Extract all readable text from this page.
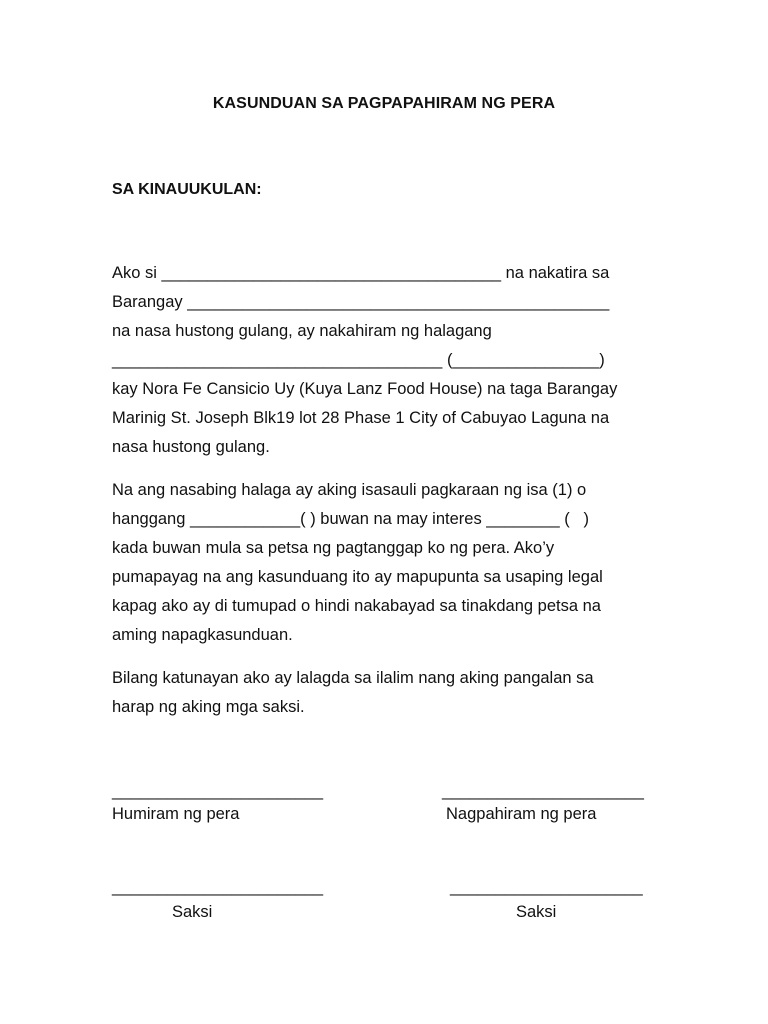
KASUNDUAN SA PAGPAPAHIRAM NG PERA
SA KINAUUKULAN:
Ako si _____________________________________ na nakatira sa
Barangay ______________________________________________
na nasa hustong gulang, ay nakahiram ng halagang
____________________________________ (________________)
kay Nora Fe Cansicio Uy (Kuya Lanz Food House) na taga Barangay
Marinig St. Joseph Blk19 lot 28 Phase 1 City of Cabuyao Laguna na
nasa hustong gulang.
Na ang nasabing halaga ay aking isasauli pagkaraan ng isa (1) o
hanggang ____________( ) buwan na may interes ________ (   )
kada buwan mula sa petsa ng pagtanggap ko ng pera. Ako’y
pumapayag na ang kasunduang ito ay mapupunta sa usaping legal
kapag ako ay di tumupad o hindi nakabayad sa tinakdang petsa na
aming napagkasunduan.
Bilang katunayan ako ay lalagda sa ilalim nang aking pangalan sa
harap ng aking mga saksi.
_______________________
Humiram ng pera
______________________
Nagpahiram ng pera
_______________________
Saksi
_____________________
Saksi
